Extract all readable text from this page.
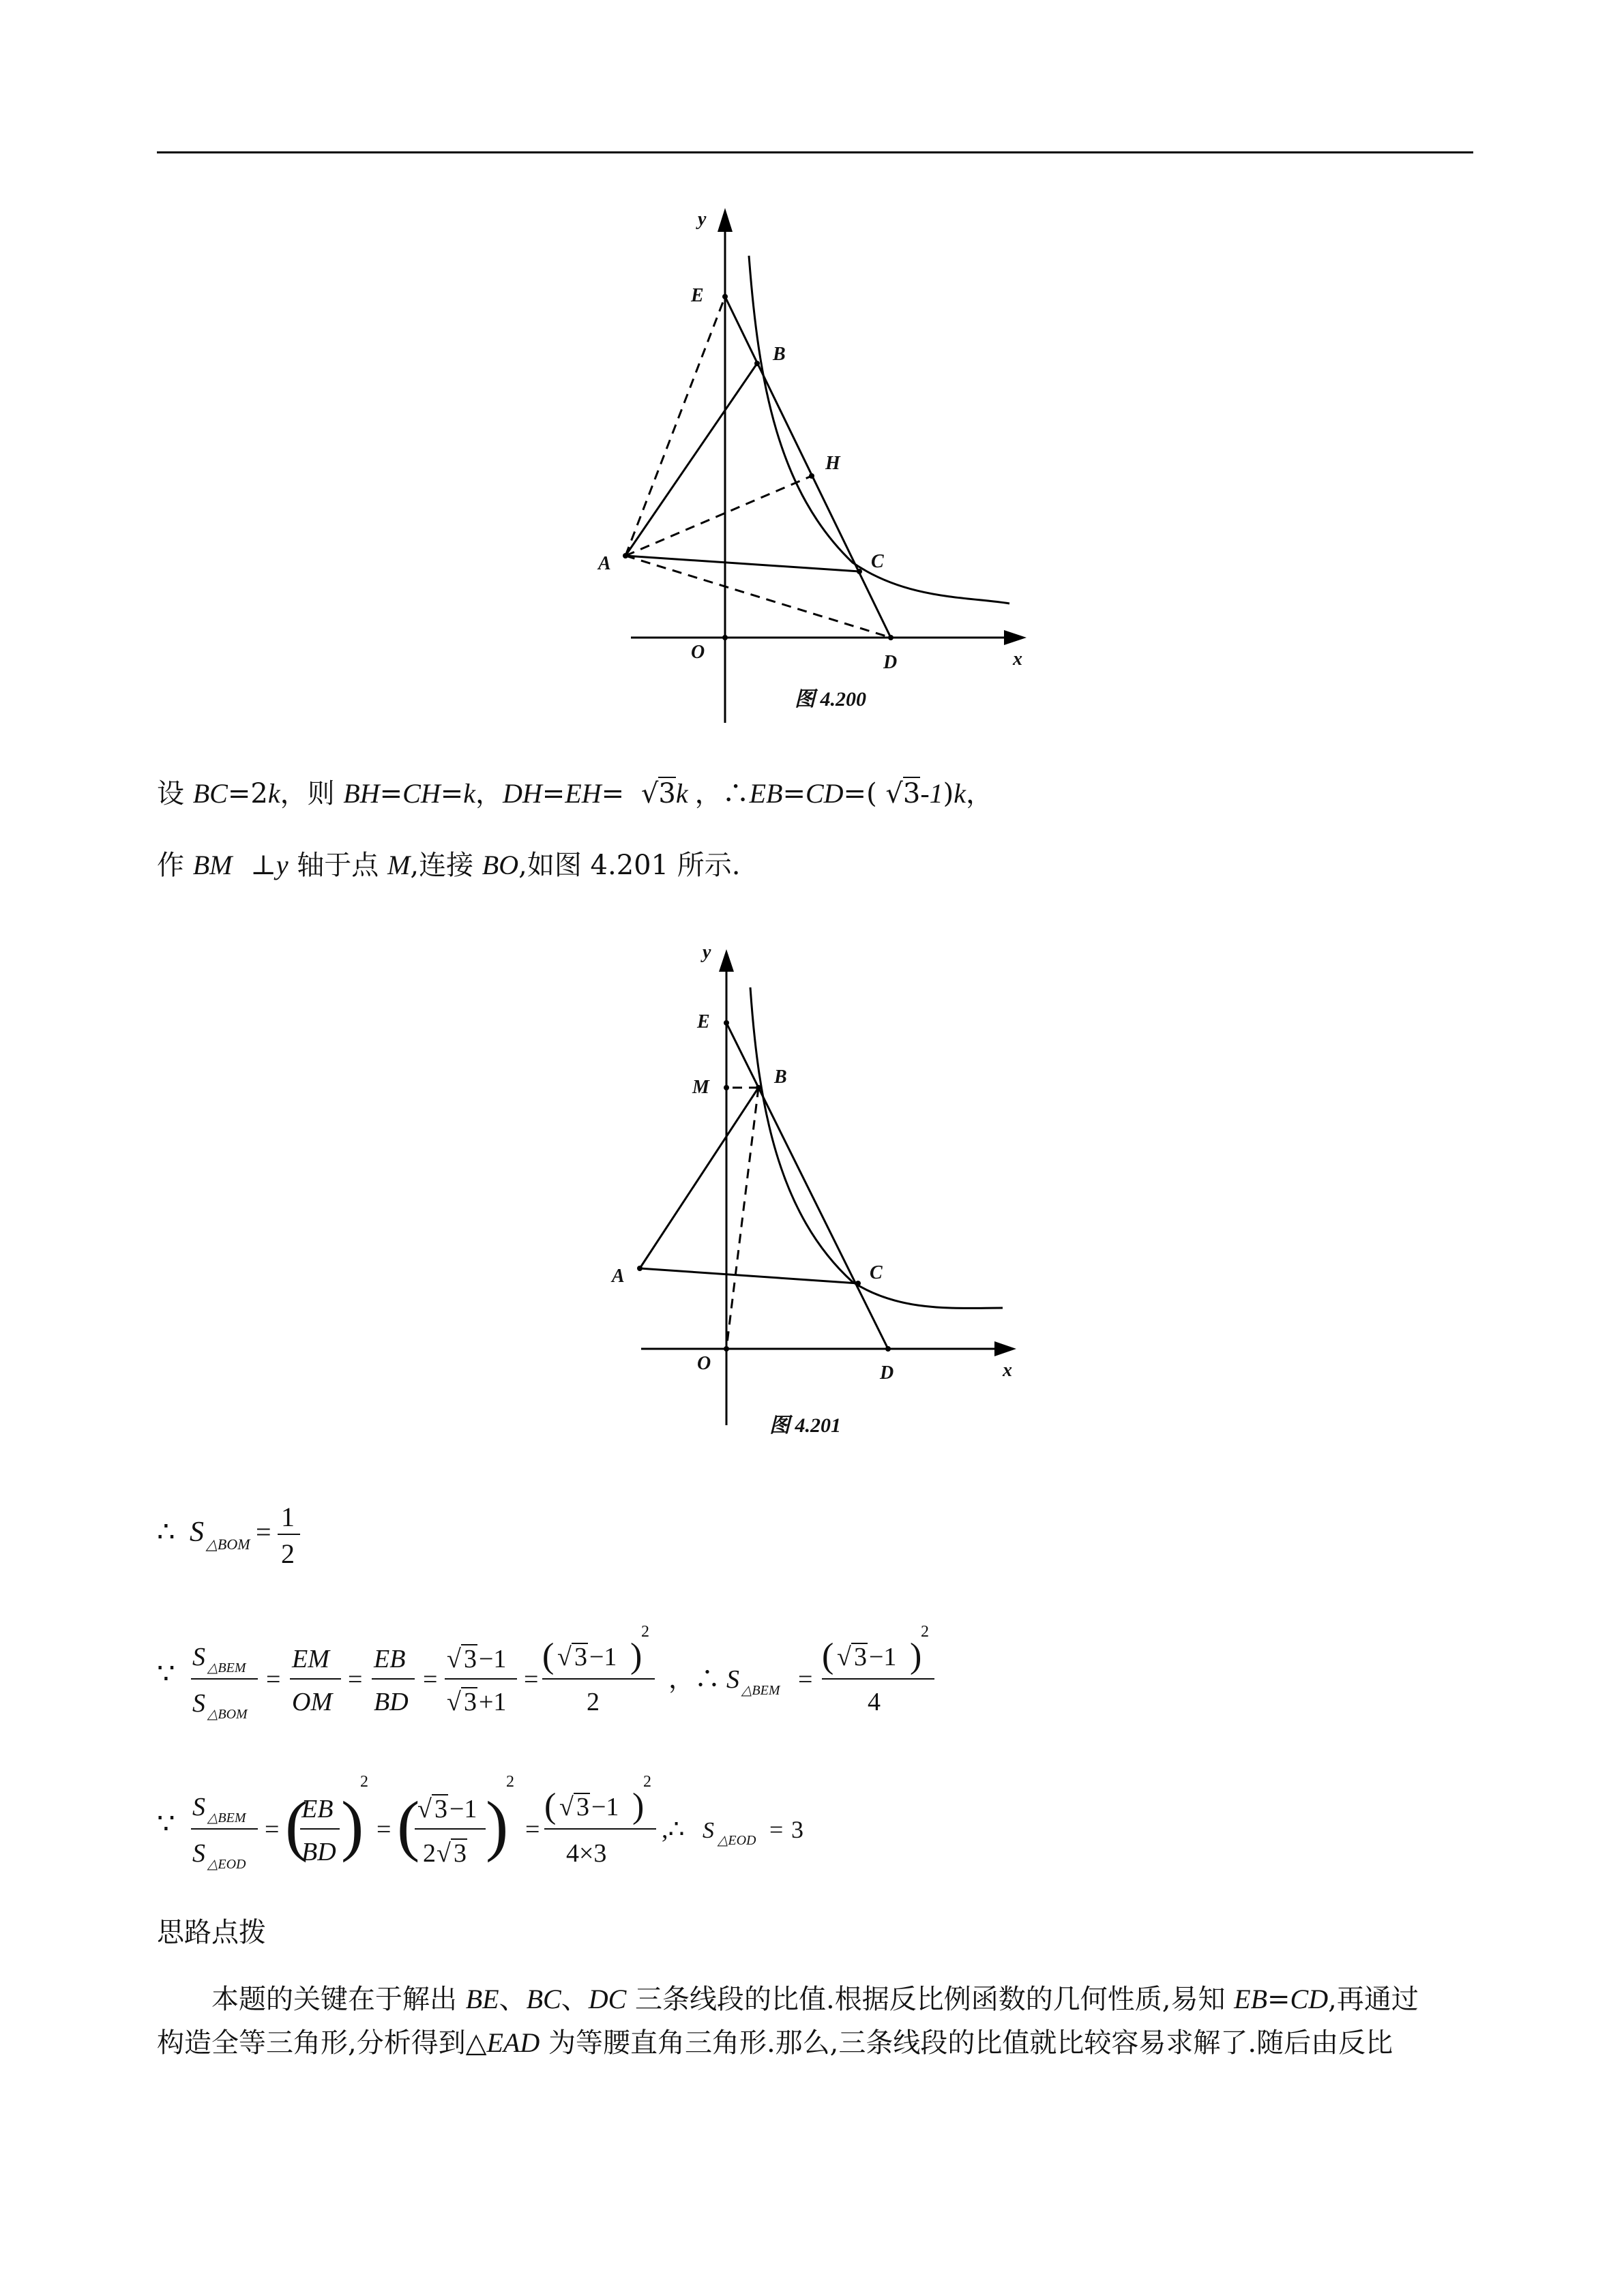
y
E
B
H
A	C
O	D	x
图 4.200
设 BC=2k，则 BH=CH=k，DH=EH= √3k ，∴EB=CD=( √3-1)k，
作 BM ⊥y 轴于点 M,连接 BO,如图 4.201 所示.
y
E
M	B
A	C
O	D	x
图 4.201
∴ S △BOM = 1
2
∵
S △BEM
S △BOM
=
EM
OM
=
EB
BD
=
√ 3 −1
√ 3 +1
=
( √ 3 −1 )
2
2
，∴ S △BEM =
( √ 3 −1 )
2
4
∵
S △BEM
S △EOD
= (
EB
BD )
2
= (
√ 3 −1
2 √ 3 )
2
=
( √ 3 −1 )
2
4×3
,∴ S △EOD = 3
思路点拨
本题的关键在于解出 BE、BC、DC 三条线段的比值.根据反比例函数的几何性质,易知 EB=CD,再通过
构造全等三角形,分析得到△EAD 为等腰直角三角形.那么,三条线段的比值就比较容易求解了.随后由反比
